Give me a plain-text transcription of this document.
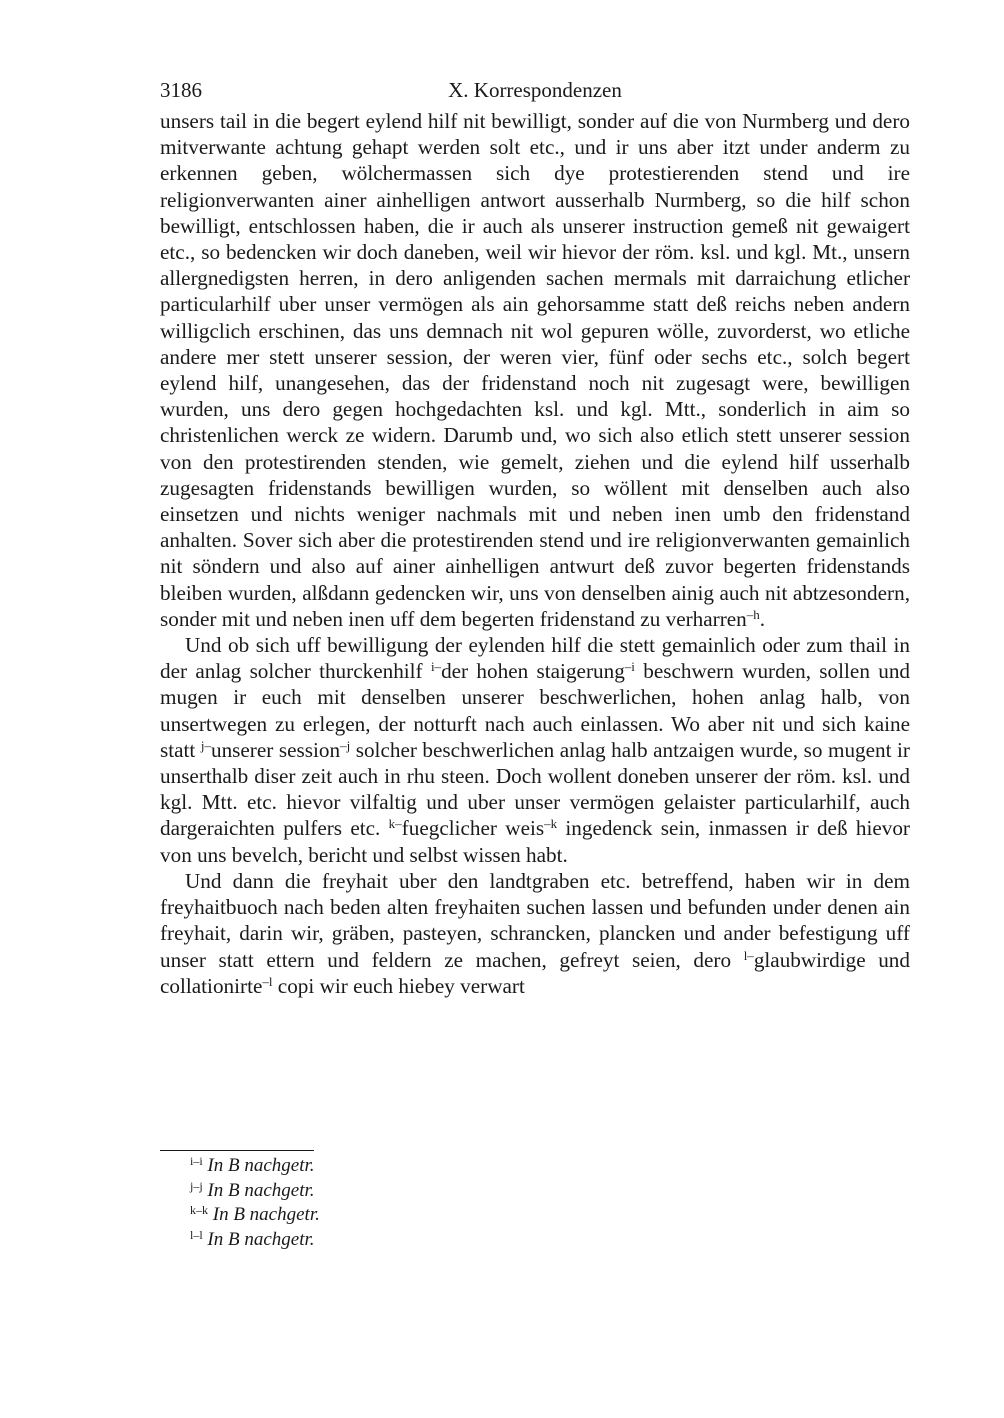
3186	X. Korrespondenzen

unsers tail in die begert eylend hilf nit bewilligt, sonder auf die von Nurmberg und dero mitverwante achtung gehapt werden solt etc., und ir uns aber itzt under anderm zu erkennen geben, wölchermassen sich dye protestierenden stend und ire religionverwanten ainer ainhelligen antwort ausserhalb Nurmberg, so die hilf schon bewilligt, entschlossen haben, die ir auch als unserer instruction gemeß nit gewaigert etc., so bedencken wir doch daneben, weil wir hievor der röm. ksl. und kgl. Mt., unsern allergnedigsten herren, in dero anligenden sachen mermals mit darraichung etlicher particularhilf uber unser vermögen als ain gehorsamme statt deß reichs neben andern willigclich erschinen, das uns demnach nit wol gepuren wölle, zuvorderst, wo etliche andere mer stett unserer session, der weren vier, fünf oder sechs etc., solch begert eylend hilf, unangesehen, das der fridenstand noch nit zugesagt were, bewilligen wurden, uns dero gegen hochgedachten ksl. und kgl. Mtt., sonderlich in aim so christenlichen werck ze widern. Darumb und, wo sich also etlich stett unserer session von den protestirenden stenden, wie gemelt, ziehen und die eylend hilf usserhalb zugesagten fridenstands bewilligen wurden, so wöllent mit denselben auch also einsetzen und nichts weniger nachmals mit und neben inen umb den fridenstand anhalten. Sover sich aber die protestirenden stend und ire religionverwanten gemainlich nit söndern und also auf ainer ainhelligen antwurt deß zuvor begerten fridenstands bleiben wurden, alßdann gedencken wir, uns von denselben ainig auch nit abtzesondern, sonder mit und neben inen uff dem begerten fridenstand zu verharren$^{-h}$.

Und ob sich uff bewilligung der eylenden hilf die stett gemainlich oder zum thail in der anlag solcher thurckenhilf $^{i-}$der hohen staigerung$^{-i}$ beschwern wurden, sollen und mugen ir euch mit denselben unserer beschwerlichen, hohen anlag halb, von unsertwegen zu erlegen, der notturft nach auch einlassen. Wo aber nit und sich kaine statt $^{j-}$unserer session$^{-j}$ solcher beschwerlichen anlag halb antzaigen wurde, so mugent ir unserthalb diser zeit auch in rhu steen. Doch wollent doneben unserer der röm. ksl. und kgl. Mtt. etc. hievor vilfaltig und uber unser vermögen gelaister particularhilf, auch dargeraichten pulfers etc. $^{k-}$fuegclicher weis$^{-k}$ ingedenck sein, inmassen ir deß hievor von uns bevelch, bericht und selbst wissen habt.

Und dann die freyhait uber den landtgraben etc. betreffend, haben wir in dem freyhaitbuoch nach beden alten freyhaiten suchen lassen und befunden under denen ain freyhait, darin wir, gräben, pasteyen, schrancken, plancken und ander befestigung uff unser statt ettern und feldern ze machen, gefreyt seien, dero $^{l-}$glaubwirdige und collationirte$^{-l}$ copi wir euch hiebey verwart

$^{i-i}$ In B nachgetr.
$^{j-j}$ In B nachgetr.
$^{k-k}$ In B nachgetr.
$^{l-l}$ In B nachgetr.
